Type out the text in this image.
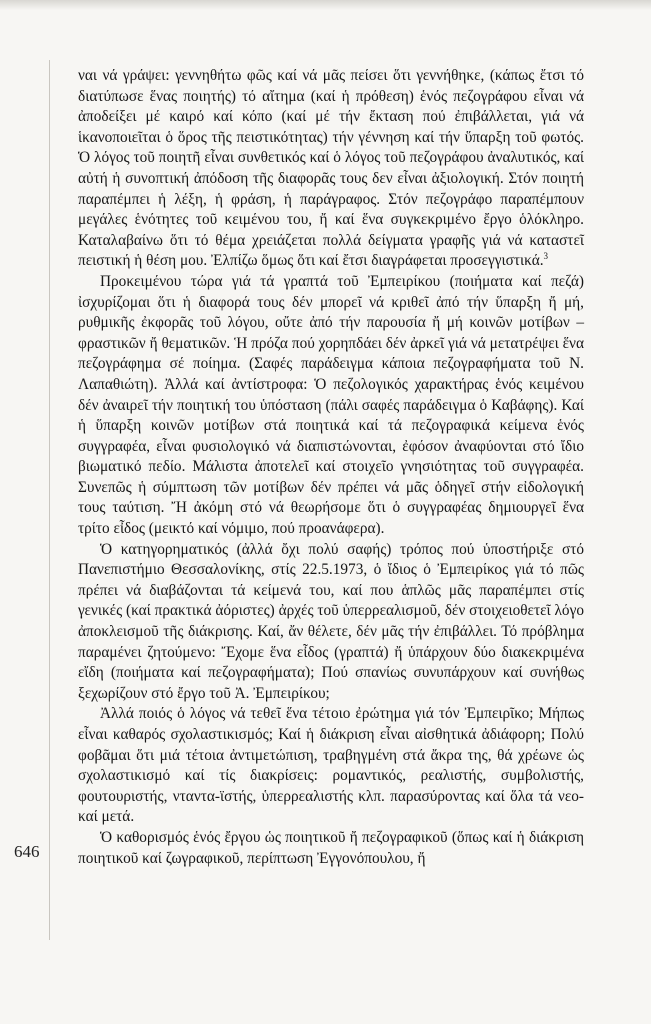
ναι νά γράψει: γεννηθήτω φῶς καί νά μᾶς πείσει ὅτι γεννήθηκε, (κάπως ἔτσι τό διατύπωσε ἕνας ποιητής) τό αἴτημα (καί ἡ πρόθεση) ἑνός πεζογράφου εἶναι νά ἀποδείξει μέ καιρό καί κόπο (καί μέ τήν ἔκταση πού ἐπιβάλλεται, γιά νά ἱκανοποιεῖται ὁ ὅρος τῆς πειστικότητας) τήν γέννηση καί τήν ὕπαρξη τοῦ φωτός. Ὁ λόγος τοῦ ποιητῆ εἶναι συνθετικός καί ὁ λόγος τοῦ πεζογράφου ἀναλυτικός, καί αὐτή ἡ συνοπτική ἀπόδοση τῆς διαφορᾶς τους δεν εἶναι ἀξιολογική. Στόν ποιητή παραπέμπει ἡ λέξη, ἡ φράση, ἡ παράγραφος. Στόν πεζογράφο παραπέμπουν μεγάλες ἑνότητες τοῦ κειμένου του, ἤ καί ἕνα συγκεκριμένο ἔργο ὁλόκληρο. Καταλαβαίνω ὅτι τό θέμα χρειάζεται πολλά δείγματα γραφῆς γιά νά καταστεῖ πειστική ἡ θέση μου. Ἐλπίζω ὅμως ὅτι καί ἔτσι διαγράφεται προσεγγιστικά.$^3$

Προκειμένου τώρα γιά τά γραπτά τοῦ Ἐμπειρίκου (ποιήματα καί πεζά) ἰσχυρίζομαι ὅτι ἡ διαφορά τους δέν μπορεῖ νά κριθεῖ ἀπό τήν ὕπαρξη ἤ μή, ρυθμικῆς ἐκφορᾶς τοῦ λόγου, οὔτε ἀπό τήν παρουσία ἤ μή κοινῶν μοτίβων – φραστικῶν ἤ θεματικῶν. Ἡ πρόζα πού χορηπδάει δέν ἀρκεῖ γιά νά μετατρέψει ἕνα πεζογράφημα σέ ποίημα. (Σαφές παράδειγμα κάποια πεζογραφήματα τοῦ Ν. Λαπαθιώτη). Ἀλλά καί ἀντίστροφα: Ὁ πεζολογικός χαρακτήρας ἑνός κειμένου δέν ἀναιρεῖ τήν ποιητική του ὑπόσταση (πάλι σαφές παράδειγμα ὁ Καβάφης). Καί ἡ ὕπαρξη κοινῶν μοτίβων στά ποιητικά καί τά πεζογραφικά κείμενα ἑνός συγγραφέα, εἶναι φυσιολογικό νά διαπιστώνονται, ἐφόσον ἀναφύονται στό ἴδιο βιωματικό πεδίο. Μάλιστα ἀποτελεῖ καί στοιχεῖο γνησιότητας τοῦ συγγραφέα. Συνεπῶς ἡ σύμπτωση τῶν μοτίβων δέν πρέπει νά μᾶς ὁδηγεῖ στήν εἰδολογική τους ταύτιση. Ἤ ἀκόμη στό νά θεωρήσομε ὅτι ὁ συγγραφέας δημιουργεῖ ἕνα τρίτο εἶδος (μεικτό καί νόμιμο, πού προανάφερα).

Ὁ κατηγορηματικός (ἀλλά ὄχι πολύ σαφής) τρόπος πού ὑποστήριξε στό Πανεπιστήμιο Θεσσαλονίκης, στίς 22.5.1973, ὁ ἴδιος ὁ Ἐμπειρίκος γιά τό πῶς πρέπει νά διαβάζονται τά κείμενά του, καί που ἁπλῶς μᾶς παραπέμπει στίς γενικές (καί πρακτικά ἀόριστες) ἀρχές τοῦ ὑπερρεαλισμοῦ, δέν στοιχειοθετεῖ λόγο ἀποκλεισμοῦ τῆς διάκρισης. Καί, ἄν θέλετε, δέν μᾶς τήν ἐπιβάλλει. Τό πρόβλημα παραμένει ζητούμενο: Ἔχομε ἕνα εἶδος (γραπτά) ἤ ὑπάρχουν δύο διακεκριμένα εἴδη (ποιήματα καί πεζογραφήματα); Πού σπανίως συνυπάρχουν καί συνήθως ξεχωρίζουν στό ἔργο τοῦ Ἀ. Ἐμπειρίκου;

Ἀλλά ποιός ὁ λόγος νά τεθεῖ ἕνα τέτοιο ἐρώτημα γιά τόν Ἐμπειρῖκο; Μήπως εἶναι καθαρός σχολαστικισμός; Καί ἡ διάκριση εἶναι αἰσθητικά ἀδιάφορη; Πολύ φοβᾶμαι ὅτι μιά τέτοια ἀντιμετώπιση, τραβηγμένη στά ἄκρα της, θά χρέωνε ὡς σχολαστικισμό καί τίς διακρίσεις: ρομαντικός, ρεαλιστής, συμβολιστής, φουτουριστής, νταντα-ϊστής, ὑπερρεαλιστής κλπ. παρασύροντας καί ὅλα τά νεο-καί μετά.

Ὁ καθορισμός ἑνός ἔργου ὡς ποιητικοῦ ἤ πεζογραφικοῦ (ὅπως καί ἡ διάκριση ποιητικοῦ καί ζωγραφικοῦ, περίπτωση Ἐγγονόπουλου, ἤ

646
